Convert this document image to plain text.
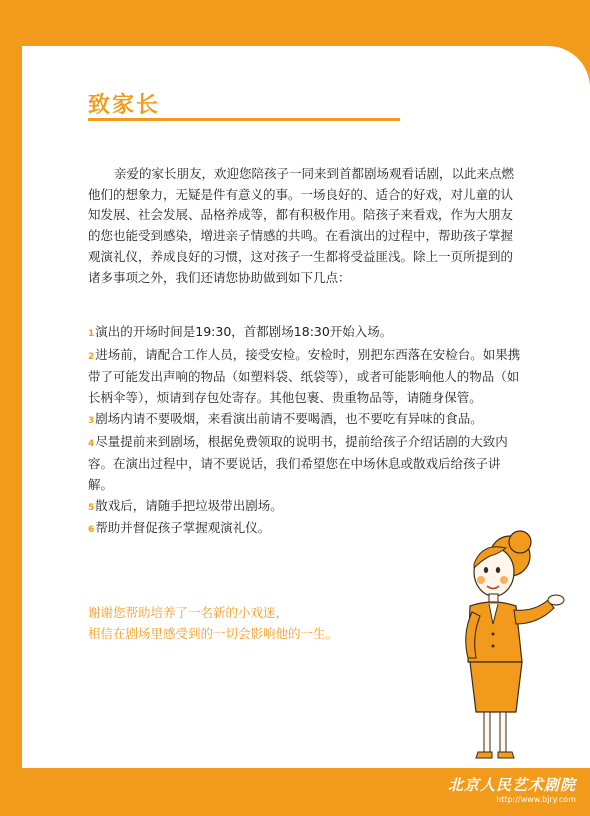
致家长

亲爱的家长朋友，欢迎您陪孩子一同来到首都剧场观看话剧，以此来点燃他们的想象力，无疑是件有意义的事。一场良好的、适合的好戏，对儿童的认知发展、社会发展、品格养成等，都有积极作用。陪孩子来看戏，作为大朋友的您也能受到感染，增进亲子情感的共鸣。在看演出的过程中，帮助孩子掌握观演礼仪，养成良好的习惯，这对孩子一生都将受益匪浅。除上一页所提到的诸多事项之外，我们还请您协助做到如下几点：

1演出的开场时间是19:30，首都剧场18:30开始入场。
2进场前，请配合工作人员，接受安检。安检时，别把东西落在安检台。如果携带了可能发出声响的物品（如塑料袋、纸袋等），或者可能影响他人的物品（如长柄伞等），烦请到存包处寄存。其他包裹、贵重物品等，请随身保管。
3剧场内请不要吸烟，来看演出前请不要喝酒，也不要吃有异味的食品。
4尽量提前来到剧场，根据免费领取的说明书，提前给孩子介绍话剧的大致内容。在演出过程中，请不要说话，我们希望您在中场休息或散戏后给孩子讲解。
5散戏后，请随手把垃圾带出剧场。
6帮助并督促孩子掌握观演礼仪。
谢谢您帮助培养了一名新的小戏迷，
相信在剧场里感受到的一切会影响他的一生。
北京人民艺术剧院
http://www.bjry.com
